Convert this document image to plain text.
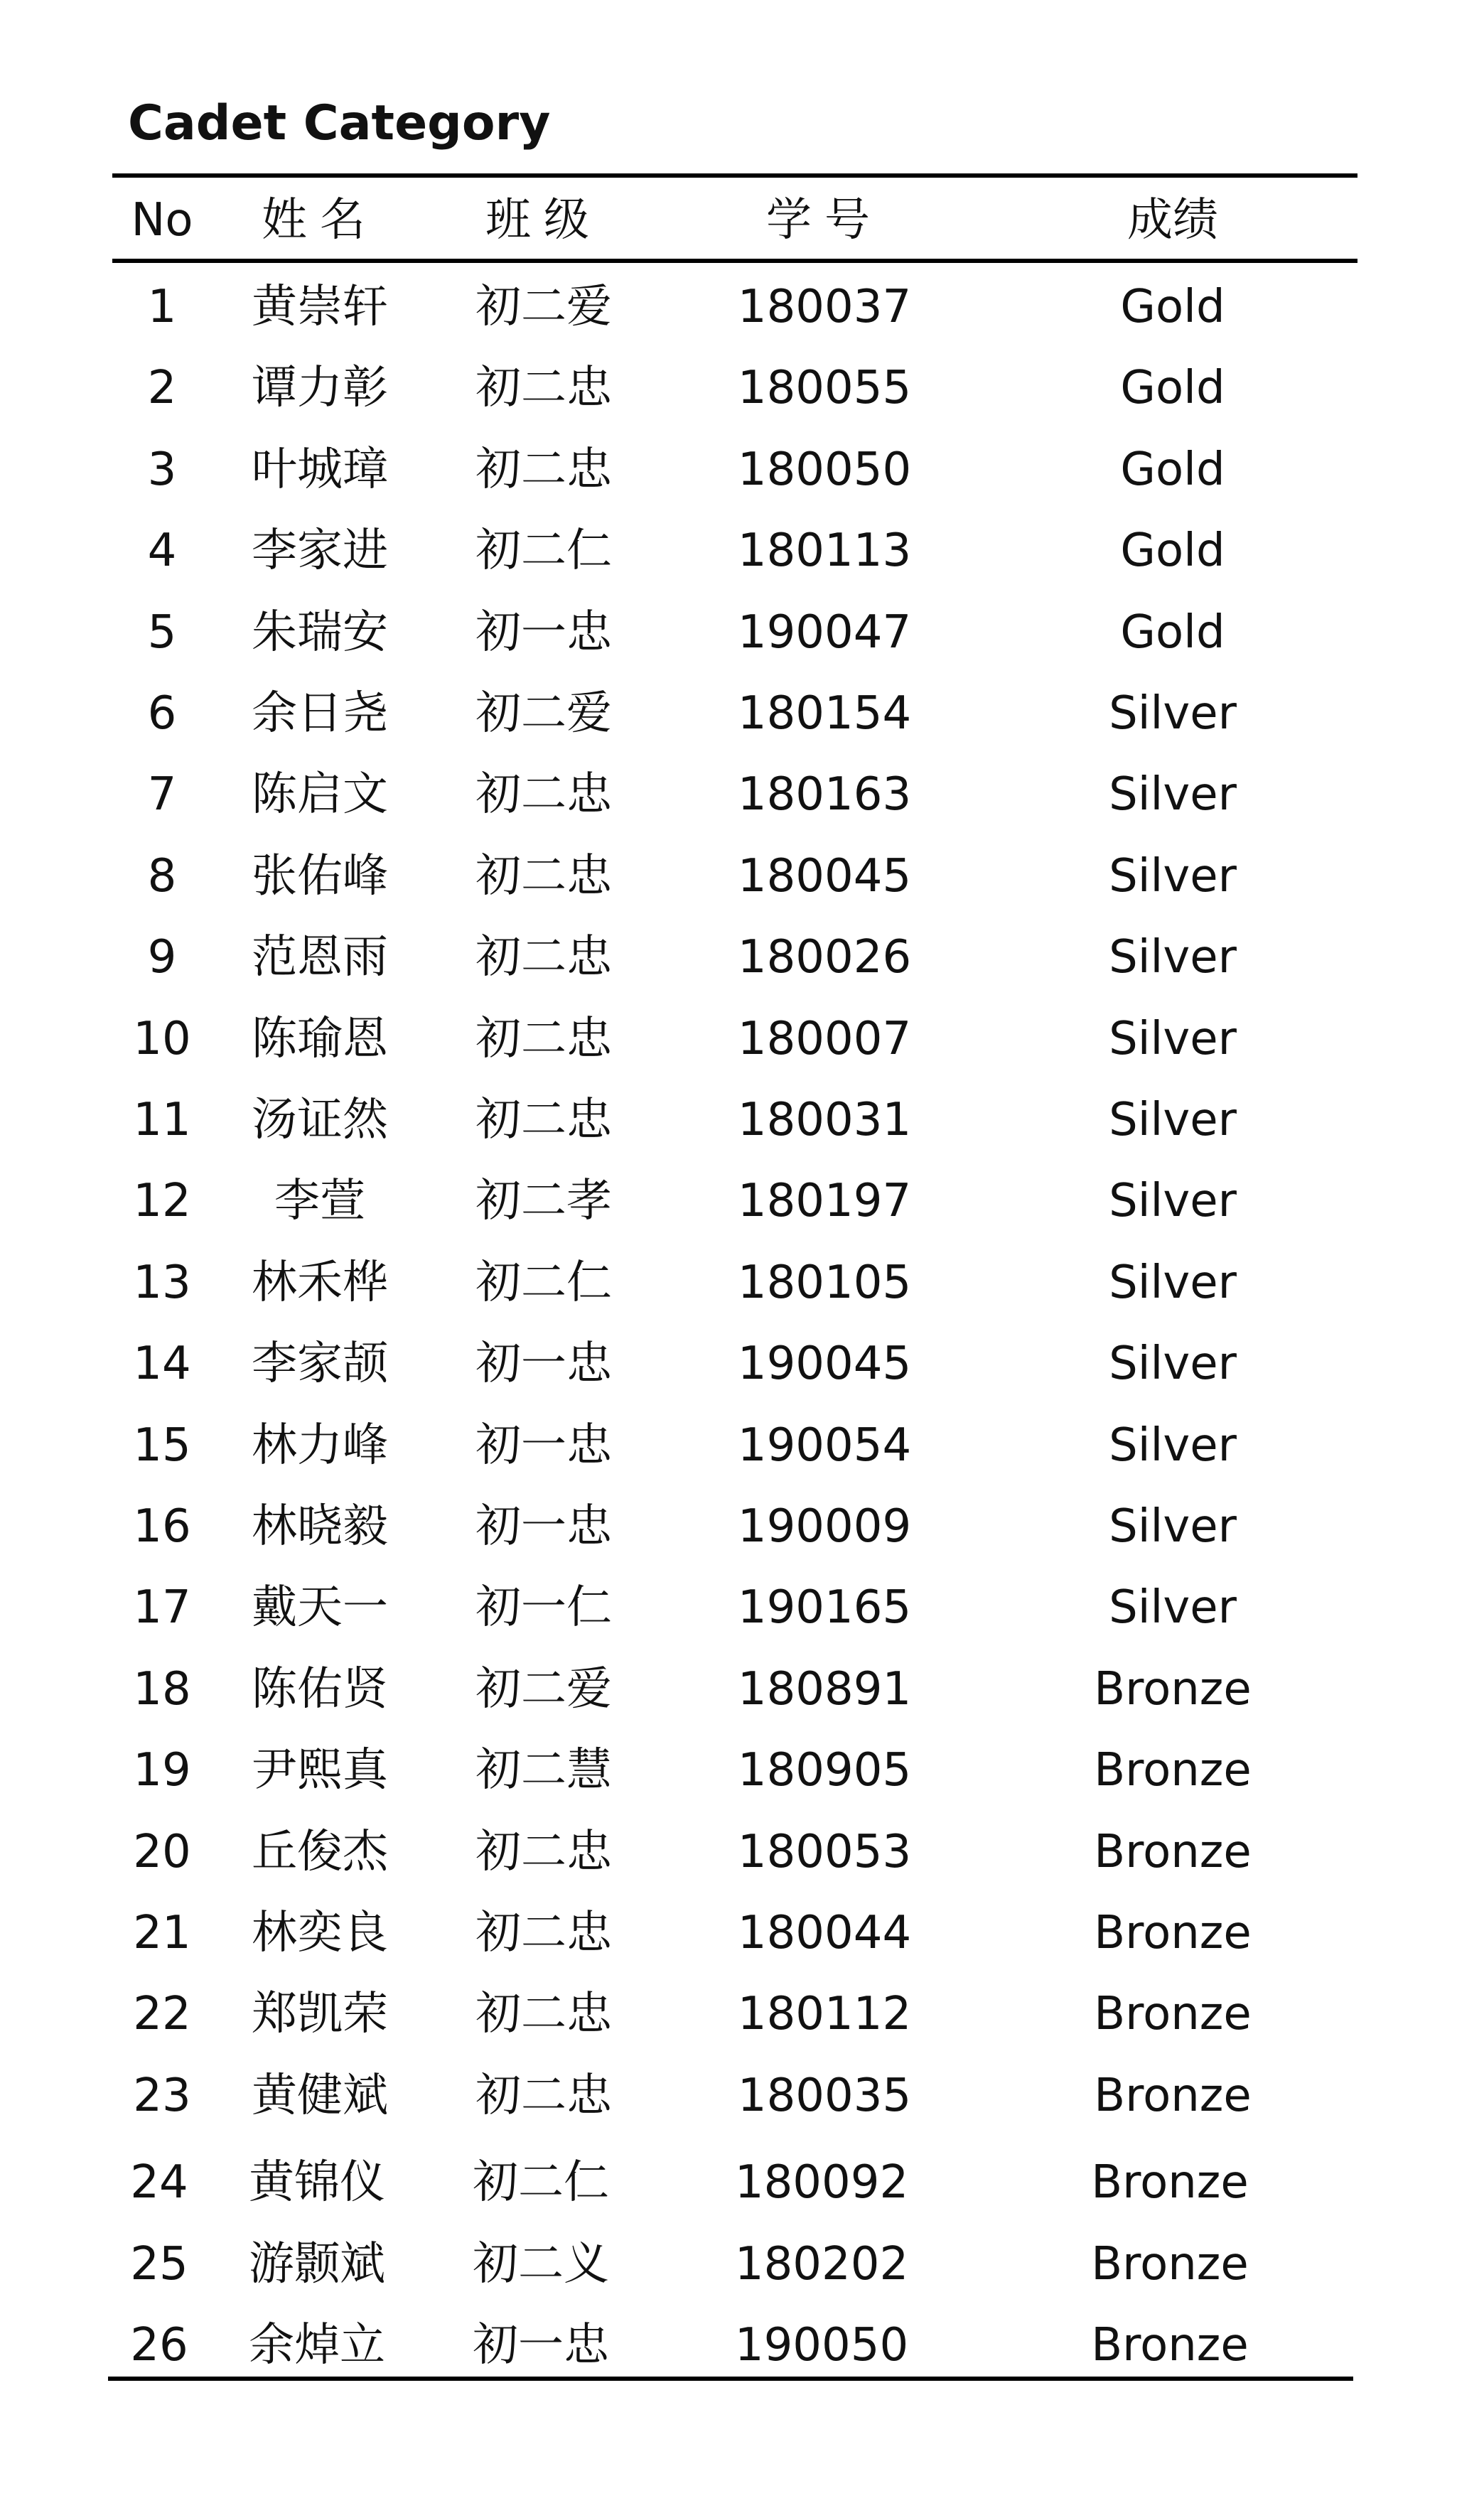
Cadet Category
No 姓名 班级	学号	成绩
1 黄崇轩 初二爱	180037	Gold
2 谭力彰 初二忠	180055	Gold
3 叶城璋 初二忠	180050	Gold
4 李家进 初二仁	180113	Gold
5 朱瑞安 初一忠	190047	Gold
6 余日尧 初二爱	180154	Silver
7 陈启文 初二忠	180163	Silver
8 张佑峰 初二忠	180045	Silver
9 范恩雨 初二忠	180026	Silver
10 陈瑜恩 初二忠	180007	Silver
11 汤证然 初二忠	180031	Silver
12 李萱 初二孝	180197	Silver
13 林禾桦 初二仁	180105	Silver
14 李家颉 初一忠	190045	Silver
15 林力峰 初一忠	190054	Silver
16 林晓毅 初一忠	190009	Silver
17 戴天一 初一仁	190165	Silver
18 陈佑贤 初二爱	180891	Bronze
19 尹熙真 初二慧	180905	Bronze
20 丘俊杰 初二忠	180053	Bronze
21 林奕良 初二忠	180044	Bronze
22 郑凯荣 初二忠	180112	Bronze
23 黄健斌 初二忠	180035	Bronze
24 黄锦仪 初二仁	180092	Bronze
25 游颢斌 初二义	180202	Bronze
26 余焯立 初一忠	190050	Bronze
